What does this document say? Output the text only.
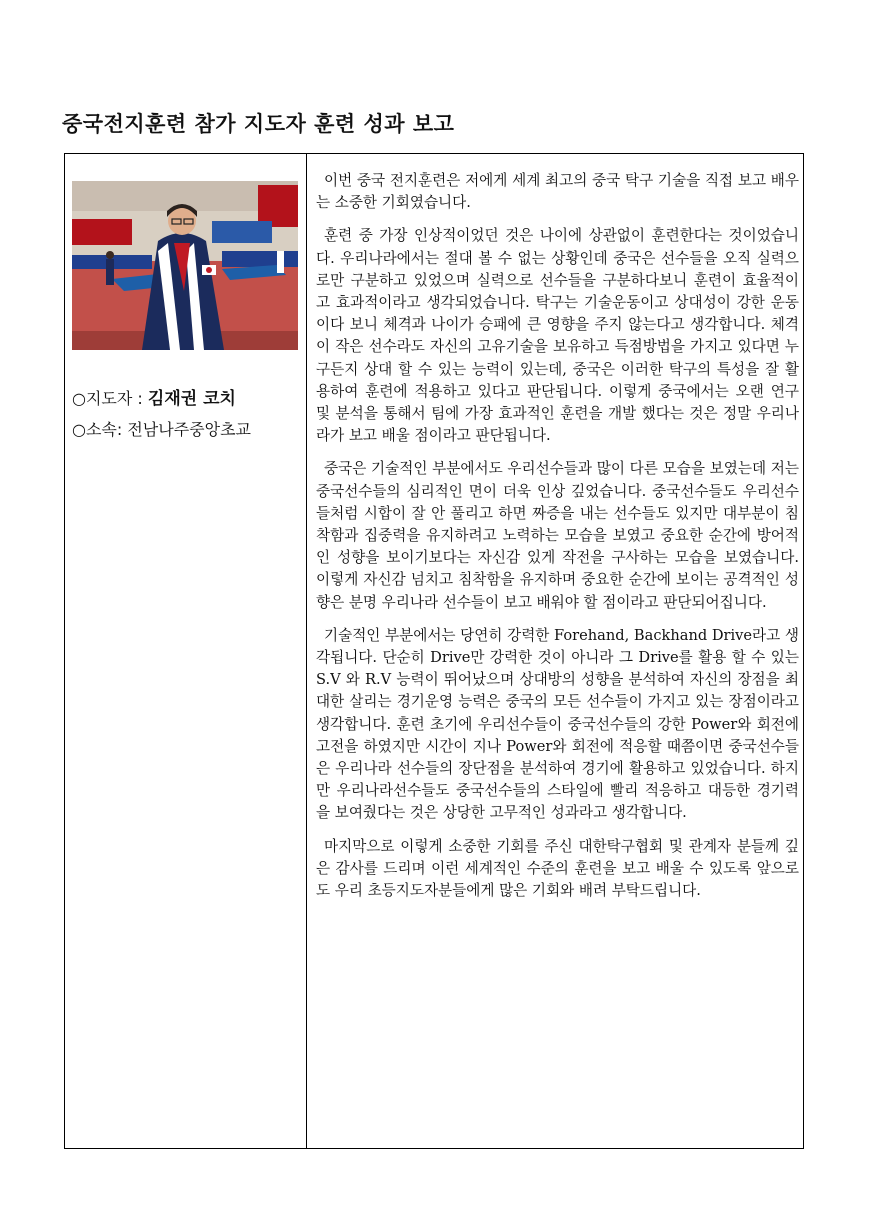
중국전지훈련 참가 지도자 훈련 성과 보고
○지도자 : 김재권 코치
○소속: 전남나주중앙초교

이번 중국 전지훈련은 저에게 세계 최고의 중국 탁구 기술을 직접 보고 배우는 소중한 기회였습니다.

훈련 중 가장 인상적이었던 것은 나이에 상관없이 훈련한다는 것이었습니다. 우리나라에서는 절대 볼 수 없는 상황인데 중국은 선수들을 오직 실력으로만 구분하고 있었으며 실력으로 선수들을 구분하다보니 훈련이 효율적이고 효과적이라고 생각되었습니다. 탁구는 기술운동이고 상대성이 강한 운동이다 보니 체격과 나이가 승패에 큰 영향을 주지 않는다고 생각합니다. 체격이 작은 선수라도 자신의 고유기술을 보유하고 득점방법을 가지고 있다면 누구든지 상대 할 수 있는 능력이 있는데, 중국은 이러한 탁구의 특성을 잘 활용하여 훈련에 적용하고 있다고 판단됩니다. 이렇게 중국에서는 오랜 연구 및 분석을 통해서 팀에 가장 효과적인 훈련을 개발 했다는 것은 정말 우리나라가 보고 배울 점이라고 판단됩니다.

중국은 기술적인 부분에서도 우리선수들과 많이 다른 모습을 보였는데 저는 중국선수들의 심리적인 면이 더욱 인상 깊었습니다. 중국선수들도 우리선수들처럼 시합이 잘 안 풀리고 하면 짜증을 내는 선수들도 있지만 대부분이 침착함과 집중력을 유지하려고 노력하는 모습을 보였고 중요한 순간에 방어적인 성향을 보이기보다는 자신감 있게 작전을 구사하는 모습을 보였습니다. 이렇게 자신감 넘치고 침착함을 유지하며 중요한 순간에 보이는 공격적인 성향은 분명 우리나라 선수들이 보고 배워야 할 점이라고 판단되어집니다.

기술적인 부분에서는 당연히 강력한 Forehand, Backhand Drive라고 생각됩니다. 단순히 Drive만 강력한 것이 아니라 그 Drive를 활용 할 수 있는 S.V 와 R.V 능력이 뛰어났으며 상대방의 성향을 분석하여 자신의 장점을 최대한 살리는 경기운영 능력은 중국의 모든 선수들이 가지고 있는 장점이라고 생각합니다. 훈련 초기에 우리선수들이 중국선수들의 강한 Power와 회전에 고전을 하였지만 시간이 지나 Power와 회전에 적응할 때쯤이면 중국선수들은 우리나라 선수들의 장단점을 분석하여 경기에 활용하고 있었습니다. 하지만 우리나라선수들도 중국선수들의 스타일에 빨리 적응하고 대등한 경기력을 보여줬다는 것은 상당한 고무적인 성과라고 생각합니다.

마지막으로 이렇게 소중한 기회를 주신 대한탁구협회 및 관계자 분들께 깊은 감사를 드리며 이런 세계적인 수준의 훈련을 보고 배울 수 있도록 앞으로도 우리 초등지도자분들에게 많은 기회와 배려 부탁드립니다.
